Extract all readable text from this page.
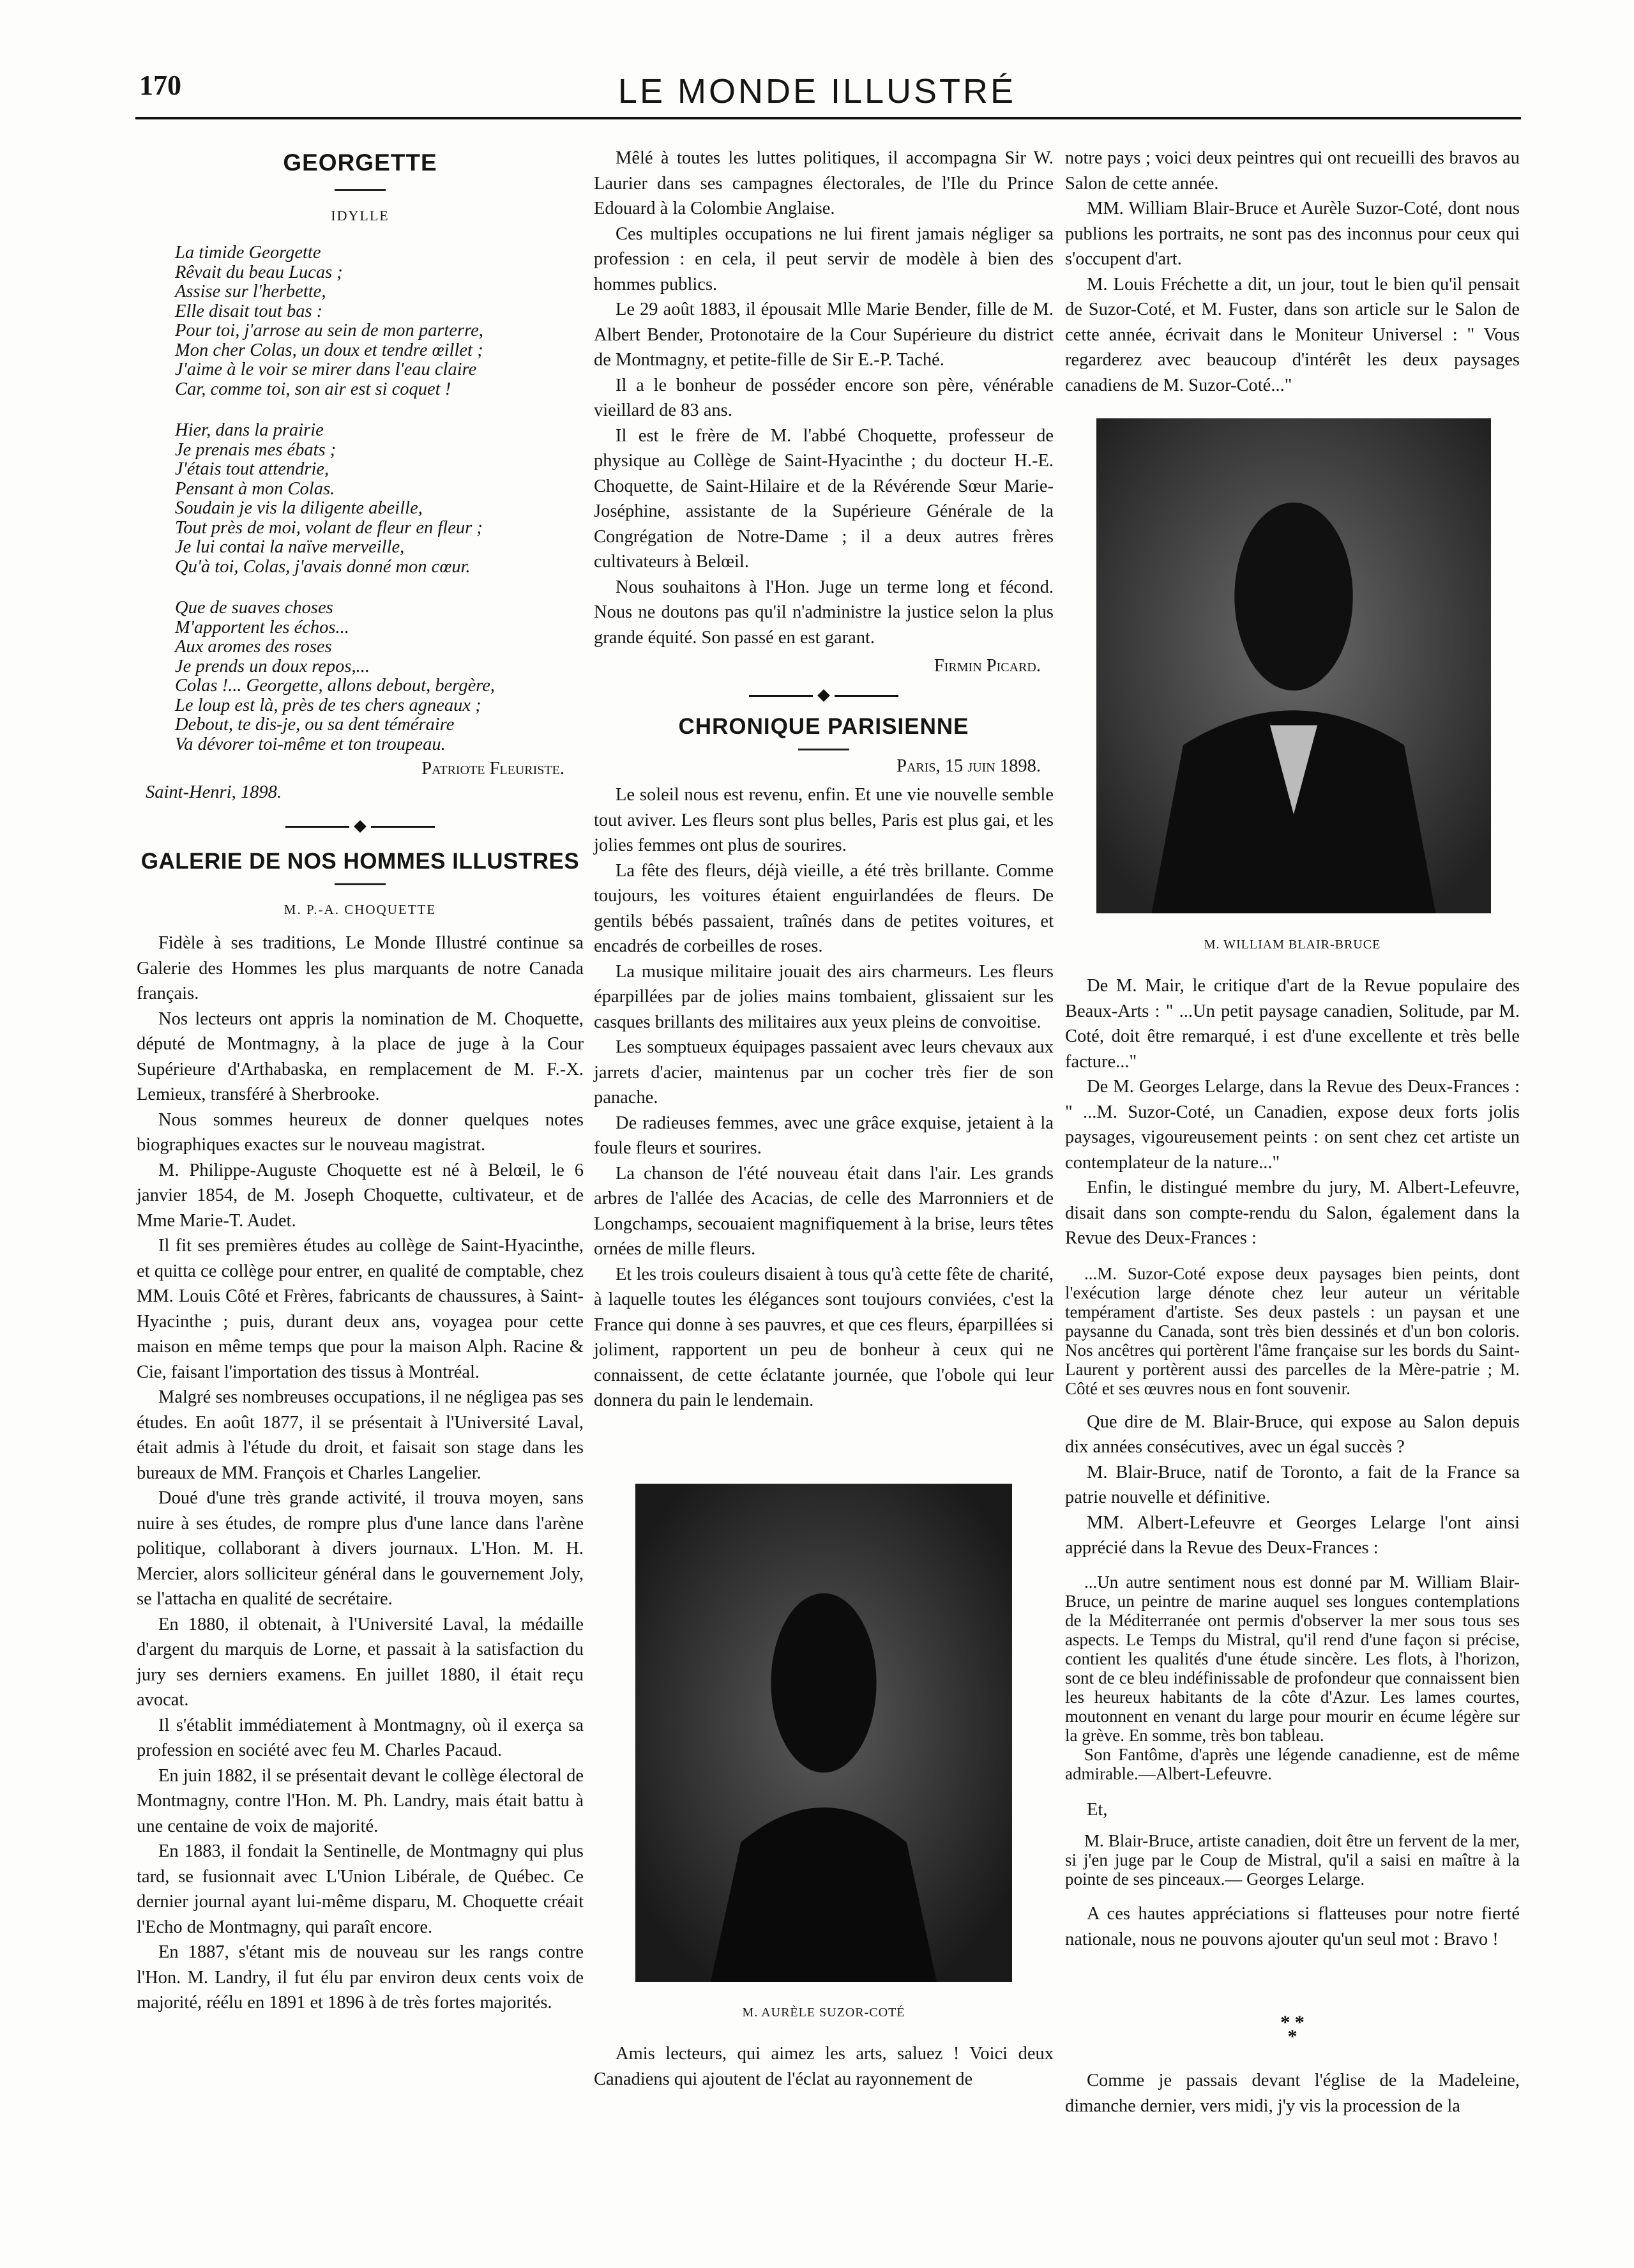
170	LE MONDE ILLUSTRÉ
GEORGETTE
IDYLLE
La timide Georgette
Rêvait du beau Lucas ;
Assise sur l'herbette,
Elle disait tout bas :
Pour toi, j'arrose au sein de mon parterre,
Mon cher Colas, un doux et tendre œillet ;
J'aime à le voir se mirer dans l'eau claire
Car, comme toi, son air est si coquet !
Hier, dans la prairie
Je prenais mes ébats ;
J'étais tout attendrie,
Pensant à mon Colas.
Soudain je vis la diligente abeille,
Tout près de moi, volant de fleur en fleur ;
Je lui contai la naïve merveille,
Qu'à toi, Colas, j'avais donné mon cœur.
Que de suaves choses
M'apportent les échos...
Aux aromes des roses
Je prends un doux repos,...
Colas !... Georgette, allons debout, bergère,
Le loup est là, près de tes chers agneaux ;
Debout, te dis-je, ou sa dent téméraire
Va dévorer toi-même et ton troupeau.

Patriote Fleuriste.

Saint-Henri, 1898.
GALERIE DE NOS HOMMES ILLUSTRES
M. P.-A. CHOQUETTE

Fidèle à ses traditions, Le Monde Illustré continue sa Galerie des Hommes les plus marquants de notre Canada français.

Nos lecteurs ont appris la nomination de M. Choquette, député de Montmagny, à la place de juge à la Cour Supérieure d'Arthabaska, en remplacement de M. F.-X. Lemieux, transféré à Sherbrooke.

Nous sommes heureux de donner quelques notes biographiques exactes sur le nouveau magistrat.

M. Philippe-Auguste Choquette est né à Belœil, le 6 janvier 1854, de M. Joseph Choquette, cultivateur, et de Mme Marie-T. Audet.

Il fit ses premières études au collège de Saint-Hyacinthe, et quitta ce collège pour entrer, en qualité de comptable, chez MM. Louis Côté et Frères, fabricants de chaussures, à Saint-Hyacinthe ; puis, durant deux ans, voyagea pour cette maison en même temps que pour la maison Alph. Racine & Cie, faisant l'importation des tissus à Montréal.

Malgré ses nombreuses occupations, il ne négligea pas ses études. En août 1877, il se présentait à l'Université Laval, était admis à l'étude du droit, et faisait son stage dans les bureaux de MM. François et Charles Langelier.

Doué d'une très grande activité, il trouva moyen, sans nuire à ses études, de rompre plus d'une lance dans l'arène politique, collaborant à divers journaux. L'Hon. M. H. Mercier, alors solliciteur général dans le gouvernement Joly, se l'attacha en qualité de secrétaire.

En 1880, il obtenait, à l'Université Laval, la médaille d'argent du marquis de Lorne, et passait à la satisfaction du jury ses derniers examens. En juillet 1880, il était reçu avocat.

Il s'établit immédiatement à Montmagny, où il exerça sa profession en société avec feu M. Charles Pacaud.

En juin 1882, il se présentait devant le collège électoral de Montmagny, contre l'Hon. M. Ph. Landry, mais était battu à une centaine de voix de majorité.

En 1883, il fondait la Sentinelle, de Montmagny qui plus tard, se fusionnait avec L'Union Libérale, de Québec. Ce dernier journal ayant lui-même disparu, M. Choquette créait l'Echo de Montmagny, qui paraît encore.

En 1887, s'étant mis de nouveau sur les rangs contre l'Hon. M. Landry, il fut élu par environ deux cents voix de majorité, réélu en 1891 et 1896 à de très fortes majorités.

Mêlé à toutes les luttes politiques, il accompagna Sir W. Laurier dans ses campagnes électorales, de l'Ile du Prince Edouard à la Colombie Anglaise.

Ces multiples occupations ne lui firent jamais négliger sa profession : en cela, il peut servir de modèle à bien des hommes publics.

Le 29 août 1883, il épousait Mlle Marie Bender, fille de M. Albert Bender, Protonotaire de la Cour Supérieure du district de Montmagny, et petite-fille de Sir E.-P. Taché.

Il a le bonheur de posséder encore son père, vénérable vieillard de 83 ans.

Il est le frère de M. l'abbé Choquette, professeur de physique au Collège de Saint-Hyacinthe ; du docteur H.-E. Choquette, de Saint-Hilaire et de la Révérende Sœur Marie-Joséphine, assistante de la Supérieure Générale de la Congrégation de Notre-Dame ; il a deux autres frères cultivateurs à Belœil.

Nous souhaitons à l'Hon. Juge un terme long et fécond. Nous ne doutons pas qu'il n'administre la justice selon la plus grande équité. Son passé en est garant.

Firmin Picard.

CHRONIQUE PARISIENNE

Paris, 15 juin 1898.

Le soleil nous est revenu, enfin. Et une vie nouvelle semble tout aviver. Les fleurs sont plus belles, Paris est plus gai, et les jolies femmes ont plus de sourires.

La fête des fleurs, déjà vieille, a été très brillante. Comme toujours, les voitures étaient enguirlandées de fleurs. De gentils bébés passaient, traînés dans de petites voitures, et encadrés de corbeilles de roses.

La musique militaire jouait des airs charmeurs. Les fleurs éparpillées par de jolies mains tombaient, glissaient sur les casques brillants des militaires aux yeux pleins de convoitise.

Les somptueux équipages passaient avec leurs chevaux aux jarrets d'acier, maintenus par un cocher très fier de son panache.

De radieuses femmes, avec une grâce exquise, jetaient à la foule fleurs et sourires.

La chanson de l'été nouveau était dans l'air. Les grands arbres de l'allée des Acacias, de celle des Marronniers et de Longchamps, secouaient magnifiquement à la brise, leurs têtes ornées de mille fleurs.

Et les trois couleurs disaient à tous qu'à cette fête de charité, à laquelle toutes les élégances sont toujours conviées, c'est la France qui donne à ses pauvres, et que ces fleurs, éparpillées si joliment, rapportent un peu de bonheur à ceux qui ne connaissent, de cette éclatante journée, que l'obole qui leur donnera du pain le lendemain.

M. AURÈLE SUZOR-COTÉ

Amis lecteurs, qui aimez les arts, saluez ! Voici deux Canadiens qui ajoutent de l'éclat au rayonnement de

notre pays ; voici deux peintres qui ont recueilli des bravos au Salon de cette année.

MM. William Blair-Bruce et Aurèle Suzor-Coté, dont nous publions les portraits, ne sont pas des inconnus pour ceux qui s'occupent d'art.

M. Louis Fréchette a dit, un jour, tout le bien qu'il pensait de Suzor-Coté, et M. Fuster, dans son article sur le Salon de cette année, écrivait dans le Moniteur Universel : " Vous regarderez avec beaucoup d'intérêt les deux paysages canadiens de M. Suzor-Coté..."

M. WILLIAM BLAIR-BRUCE

De M. Mair, le critique d'art de la Revue populaire des Beaux-Arts : " ...Un petit paysage canadien, Solitude, par M. Coté, doit être remarqué, i est d'une excellente et très belle facture..."

De M. Georges Lelarge, dans la Revue des Deux-Frances : " ...M. Suzor-Coté, un Canadien, expose deux forts jolis paysages, vigoureusement peints : on sent chez cet artiste un contemplateur de la nature..."

Enfin, le distingué membre du jury, M. Albert-Lefeuvre, disait dans son compte-rendu du Salon, également dans la Revue des Deux-Frances :

...M. Suzor-Coté expose deux paysages bien peints, dont l'exécution large dénote chez leur auteur un véritable tempérament d'artiste. Ses deux pastels : un paysan et une paysanne du Canada, sont très bien dessinés et d'un bon coloris. Nos ancêtres qui portèrent l'âme française sur les bords du Saint-Laurent y portèrent aussi des parcelles de la Mère-patrie ; M. Côté et ses œuvres nous en font souvenir.

Que dire de M. Blair-Bruce, qui expose au Salon depuis dix années consécutives, avec un égal succès ?

M. Blair-Bruce, natif de Toronto, a fait de la France sa patrie nouvelle et définitive.

MM. Albert-Lefeuvre et Georges Lelarge l'ont ainsi apprécié dans la Revue des Deux-Frances :

...Un autre sentiment nous est donné par M. William Blair-Bruce, un peintre de marine auquel ses longues contemplations de la Méditerranée ont permis d'observer la mer sous tous ses aspects. Le Temps du Mistral, qu'il rend d'une façon si précise, contient les qualités d'une étude sincère. Les flots, à l'horizon, sont de ce bleu indéfinissable de profondeur que connaissent bien les heureux habitants de la côte d'Azur. Les lames courtes, moutonnent en venant du large pour mourir en écume légère sur la grève. En somme, très bon tableau.

Son Fantôme, d'après une légende canadienne, est de même admirable.—Albert-Lefeuvre.

Et,

M. Blair-Bruce, artiste canadien, doit être un fervent de la mer, si j'en juge par le Coup de Mistral, qu'il a saisi en maître à la pointe de ses pinceaux.— Georges Lelarge.

A ces hautes appréciations si flatteuses pour notre fierté nationale, nous ne pouvons ajouter qu'un seul mot : Bravo !

* *
*

Comme je passais devant l'église de la Madeleine, dimanche dernier, vers midi, j'y vis la procession de la
